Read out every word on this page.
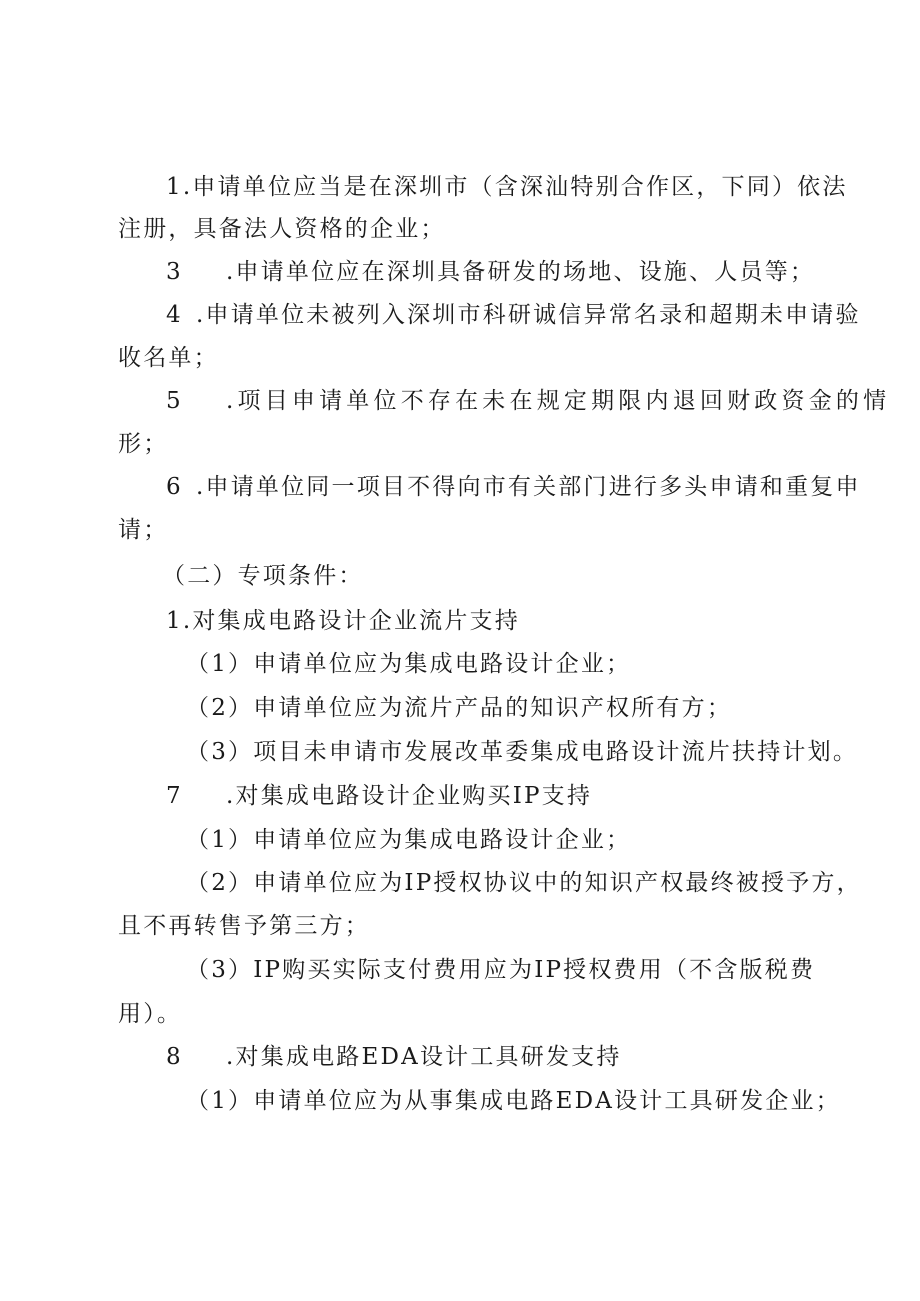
1.申请单位应当是在深圳市（含深汕特别合作区，下同）依法
注册，具备法人资格的企业；
3 .申请单位应在深圳具备研发的场地、设施、人员等；
4 .申请单位未被列入深圳市科研诚信异常名录和超期未申请验
收名单；
5 .项目申请单位不存在未在规定期限内退回财政资金的情
形；
6 .申请单位同一项目不得向市有关部门进行多头申请和重复申
请；
（二）专项条件：
1.对集成电路设计企业流片支持
（1）申请单位应为集成电路设计企业；
（2）申请单位应为流片产品的知识产权所有方；
（3）项目未申请市发展改革委集成电路设计流片扶持计划。
7 .对集成电路设计企业购买IP支持
（1）申请单位应为集成电路设计企业；
（2）申请单位应为IP授权协议中的知识产权最终被授予方，
且不再转售予第三方；
（3）IP购买实际支付费用应为IP授权费用（不含版税费
用）。
8 .对集成电路EDA设计工具研发支持
（1）申请单位应为从事集成电路EDA设计工具研发企业；
